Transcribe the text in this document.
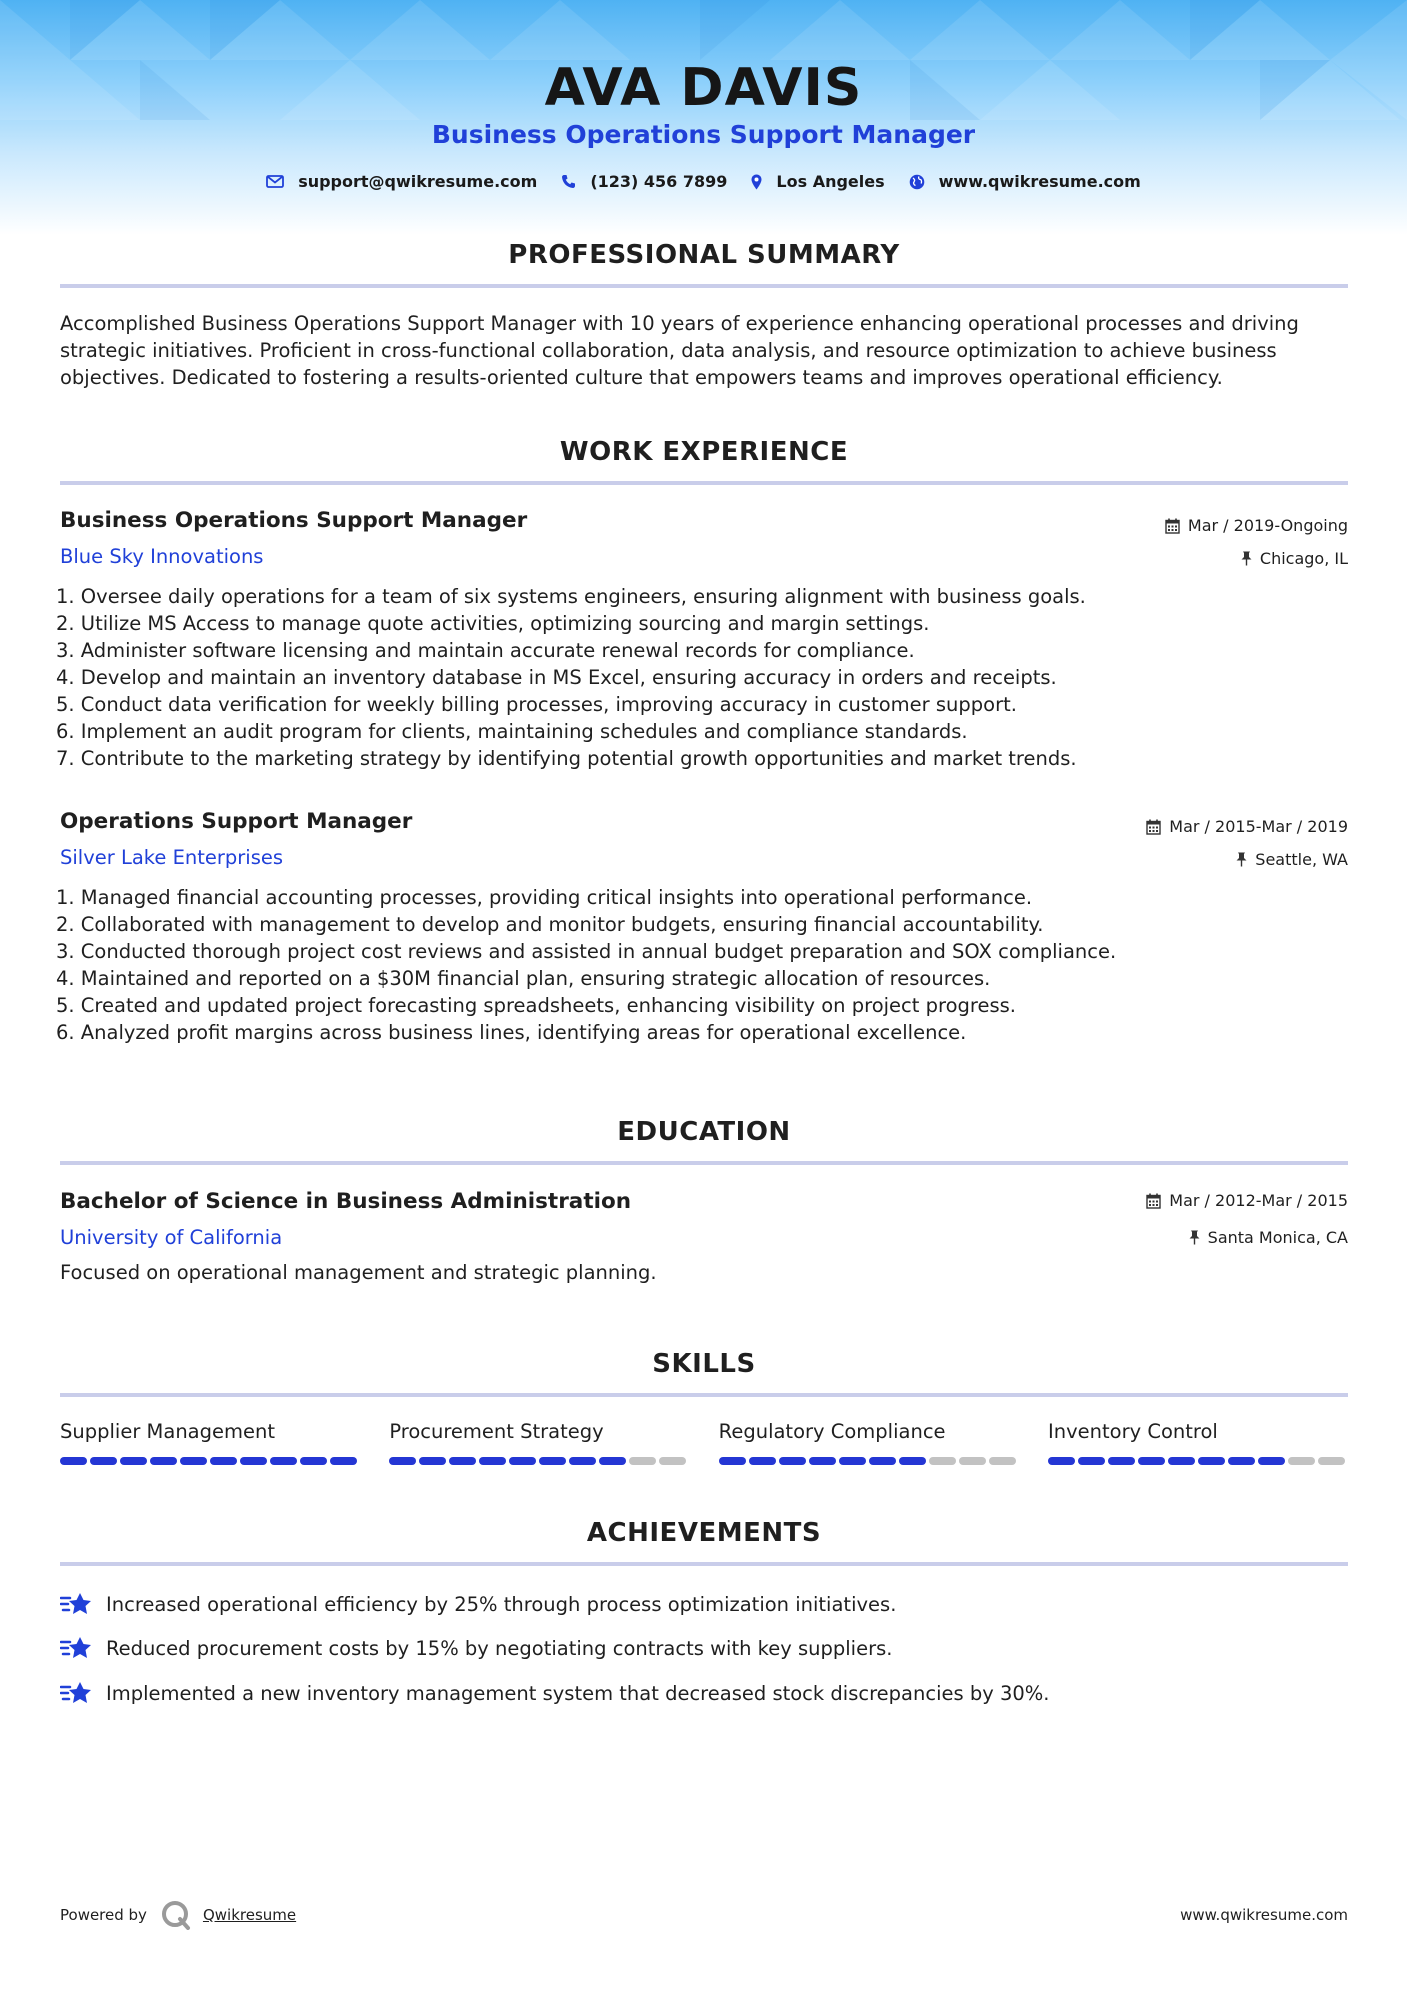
AVA DAVIS
Business Operations Support Manager
support@qwikresume.com	(123) 456 7899	Los Angeles	www.qwikresume.com
PROFESSIONAL SUMMARY
Accomplished Business Operations Support Manager with 10 years of experience enhancing operational processes and driving strategic initiatives. Proficient in cross-functional collaboration, data analysis, and resource optimization to achieve business objectives. Dedicated to fostering a results-oriented culture that empowers teams and improves operational efficiency.
WORK EXPERIENCE
Business Operations Support Manager
Blue Sky Innovations
Mar / 2019-Ongoing
Chicago, IL
1. Oversee daily operations for a team of six systems engineers, ensuring alignment with business goals.
2. Utilize MS Access to manage quote activities, optimizing sourcing and margin settings.
3. Administer software licensing and maintain accurate renewal records for compliance.
4. Develop and maintain an inventory database in MS Excel, ensuring accuracy in orders and receipts.
5. Conduct data verification for weekly billing processes, improving accuracy in customer support.
6. Implement an audit program for clients, maintaining schedules and compliance standards.
7. Contribute to the marketing strategy by identifying potential growth opportunities and market trends.
Operations Support Manager
Silver Lake Enterprises
Mar / 2015-Mar / 2019
Seattle, WA
1. Managed financial accounting processes, providing critical insights into operational performance.
2. Collaborated with management to develop and monitor budgets, ensuring financial accountability.
3. Conducted thorough project cost reviews and assisted in annual budget preparation and SOX compliance.
4. Maintained and reported on a $30M financial plan, ensuring strategic allocation of resources.
5. Created and updated project forecasting spreadsheets, enhancing visibility on project progress.
6. Analyzed profit margins across business lines, identifying areas for operational excellence.
EDUCATION
Bachelor of Science in Business Administration
University of California
Mar / 2012-Mar / 2015
Santa Monica, CA
Focused on operational management and strategic planning.
SKILLS
Supplier Management	Procurement Strategy	Regulatory Compliance	Inventory Control
ACHIEVEMENTS
Increased operational efficiency by 25% through process optimization initiatives.
Reduced procurement costs by 15% by negotiating contracts with key suppliers.
Implemented a new inventory management system that decreased stock discrepancies by 30%.
Powered by	Qwikresume	www.qwikresume.com
